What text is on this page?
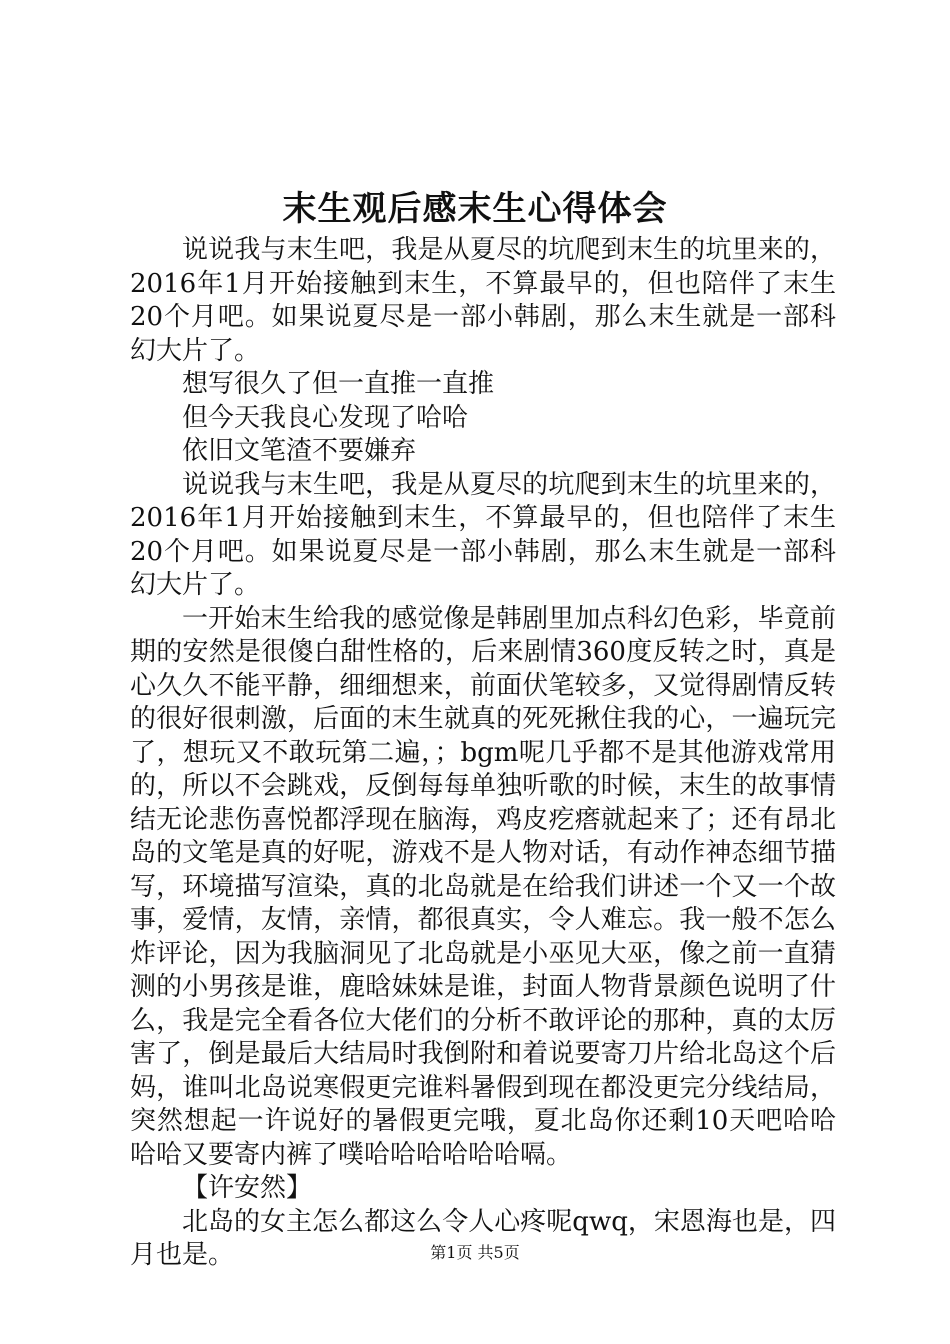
末生观后感末生心得体会

说说我与末生吧，我是从夏尽的坑爬到末生的坑里来的，2016年1月开始接触到末生，不算最早的，但也陪伴了末生20个月吧。如果说夏尽是一部小韩剧，那么末生就是一部科幻大片了。

想写很久了但一直推一直推

但今天我良心发现了哈哈

依旧文笔渣不要嫌弃

说说我与末生吧，我是从夏尽的坑爬到末生的坑里来的，2016年1月开始接触到末生，不算最早的，但也陪伴了末生20个月吧。如果说夏尽是一部小韩剧，那么末生就是一部科幻大片了。

一开始末生给我的感觉像是韩剧里加点科幻色彩，毕竟前期的安然是很傻白甜性格的，后来剧情360度反转之时，真是心久久不能平静，细细想来，前面伏笔较多，又觉得剧情反转的很好很刺激，后面的末生就真的死死揪住我的心，一遍玩完了，想玩又不敢玩第二遍，；bgm呢几乎都不是其他游戏常用的，所以不会跳戏，反倒每每单独听歌的时候，末生的故事情结无论悲伤喜悦都浮现在脑海，鸡皮疙瘩就起来了；还有昂北岛的文笔是真的好呢，游戏不是人物对话，有动作神态细节描写，环境描写渲染，真的北岛就是在给我们讲述一个又一个故事，爱情，友情，亲情，都很真实，令人难忘。我一般不怎么炸评论，因为我脑洞见了北岛就是小巫见大巫，像之前一直猜测的小男孩是谁，鹿晗妹妹是谁，封面人物背景颜色说明了什么，我是完全看各位大佬们的分析不敢评论的那种，真的太厉害了，倒是最后大结局时我倒附和着说要寄刀片给北岛这个后妈，谁叫北岛说寒假更完谁料暑假到现在都没更完分线结局，突然想起一许说好的暑假更完哦，夏北岛你还剩10天吧哈哈哈哈又要寄内裤了噗哈哈哈哈哈哈嗝。

【许安然】

北岛的女主怎么都这么令人心疼呢qwq，宋恩海也是，四月也是。	第1页 共5页
